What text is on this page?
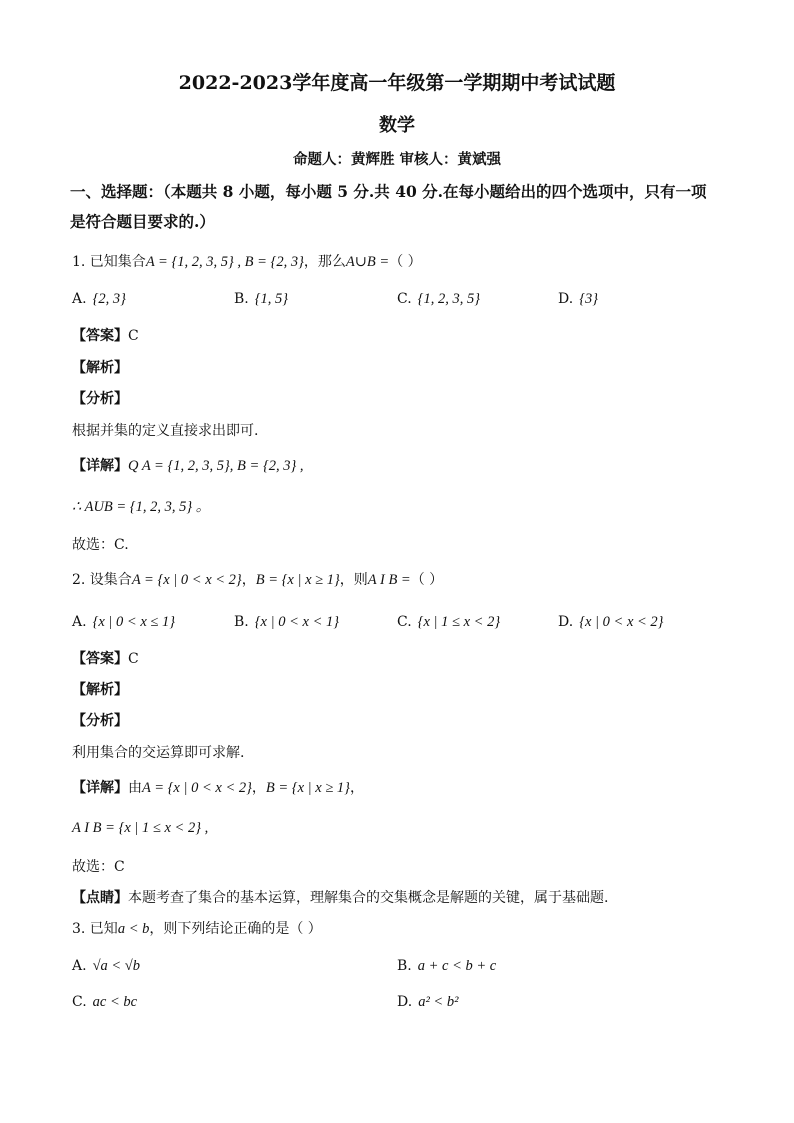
2022-2023学年度高一年级第一学期期中考试试题
数学
命题人：黄辉胜 审核人：黄斌强
一、选择题：（本题共 8 小题，每小题 5 分.共 40 分.在每小题给出的四个选项中，只有一项
是符合题目要求的.）
1. 已知集合A = {1, 2, 3, 5} , B = {2, 3}，那么A∪B =（ ）
A. {2, 3}	B. {1, 5}	C. {1, 2, 3, 5}	D. {3}
【答案】C
【解析】
【分析】
根据并集的定义直接求出即可.
【详解】Q A = {1, 2, 3, 5}, B = {2, 3} ,
∴ AUB = {1, 2, 3, 5} 。
故选：C.
2. 设集合A = {x | 0 < x < 2}，B = {x | x ≥ 1}，则A I B =（ ）
A. {x | 0 < x ≤ 1}	B. {x | 0 < x < 1}	C. {x | 1 ≤ x < 2}	D. {x | 0 < x < 2}
【答案】C
【解析】
【分析】
利用集合的交运算即可求解.
【详解】由A = {x | 0 < x < 2}，B = {x | x ≥ 1}，
A I B = {x | 1 ≤ x < 2} ,
故选：C
【点睛】本题考查了集合的基本运算，理解集合的交集概念是解题的关键，属于基础题.
3. 已知a < b，则下列结论正确的是（ ）
A. √a < √b	B. a + c < b + c
C. ac < bc	D. a² < b²
